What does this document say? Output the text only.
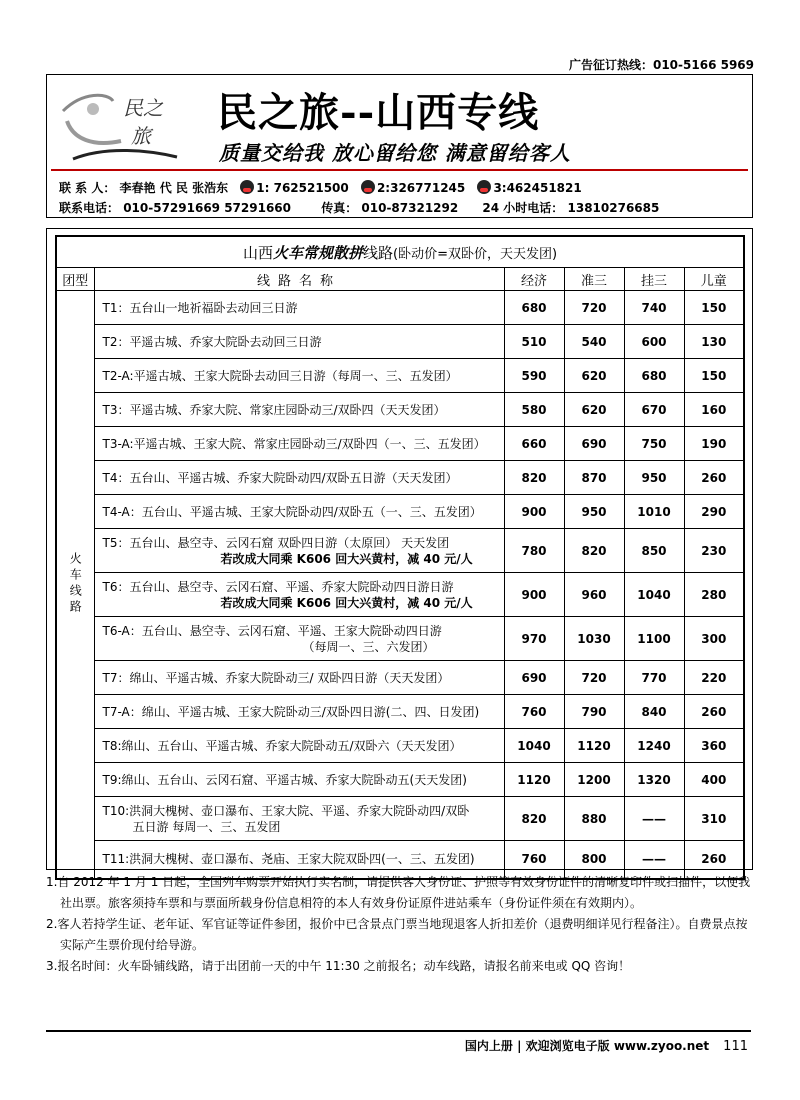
广告征订热线：010-5166 5969
民之
旅 民之旅--山西专线
质量交给我 放心留给您 满意留给客人
联 系 人： 李春艳 代 民 张浩东 1: 762521500 2:326771245 3:462451821
联系电话： 010-57291669 57291660	传真： 010-87321292 24 小时电话： 13810276685
山西火车常规散拼线路(卧动价=双卧价，天天发团)					
团型	线路名称	经济	准三	挂三	儿童
火车线路	T1：五台山一地祈福卧去动回三日游	680	720	740	150

	T2：平遥古城、乔家大院卧去动回三日游	510	540	600	130

	T2-A:平遥古城、王家大院卧去动回三日游（每周一、三、五发团）	590	620	680	150

	T3：平遥古城、乔家大院、常家庄园卧动三/双卧四（天天发团）	580	620	670	160

	T3-A:平遥古城、王家大院、常家庄园卧动三/双卧四（一、三、五发团）	660	690	750	190

	T4：五台山、平遥古城、乔家大院卧动四/双卧五日游（天天发团）	820	870	950	260

	T4-A：五台山、平遥古城、王家大院卧动四/双卧五（一、三、五发团）	900	950	1010	290

	T5：五台山、悬空寺、云冈石窟 双卧四日游（太原回） 天天发团
若改成大同乘 K606 回大兴黄村，减 40 元/人	780	820	850	230

	T6：五台山、悬空寺、云冈石窟、平遥、乔家大院卧动四日游日游
若改成大同乘 K606 回大兴黄村，减 40 元/人	900	960	1040	280

	T6-A：五台山、悬空寺、云冈石窟、平遥、王家大院卧动四日游
（每周一、三、六发团）	970	1030	1100	300

	T7：绵山、平遥古城、乔家大院卧动三/ 双卧四日游（天天发团）	690	720	770	220

	T7-A：绵山、平遥古城、王家大院卧动三/双卧四日游(二、四、日发团)	760	790	840	260

	T8:绵山、五台山、平遥古城、乔家大院卧动五/双卧六（天天发团）	1040	1120	1240	360

	T9:绵山、五台山、云冈石窟、平遥古城、乔家大院卧动五(天天发团)	1120	1200	1320	400

	T10:洪洞大槐树、壶口瀑布、王家大院、平遥、乔家大院卧动四/双卧
五日游 每周一、三、五发团	820	880	——	310

	T11:洪洞大槐树、壶口瀑布、尧庙、王家大院双卧四(一、三、五发团)	760	800	——	260

1.自 2012 年 1 月 1 日起，全国列车购票开始执行实名制，请提供客人身份证、护照等有效身份证件的清晰复印件或扫描件，以便我社出票。旅客须持车票和与票面所载身份信息相符的本人有效身份证原件进站乘车（身份证件须在有效期内）。

2.客人若持学生证、老年证、军官证等证件参团，报价中已含景点门票当地现退客人折扣差价（退费明细详见行程备注）。自费景点按实际产生票价现付给导游。

3.报名时间：火车卧铺线路，请于出团前一天的中午 11:30 之前报名；动车线路，请报名前来电或 QQ 咨询！

国内上册 | 欢迎浏览电子版 www.zyoo.net 111
